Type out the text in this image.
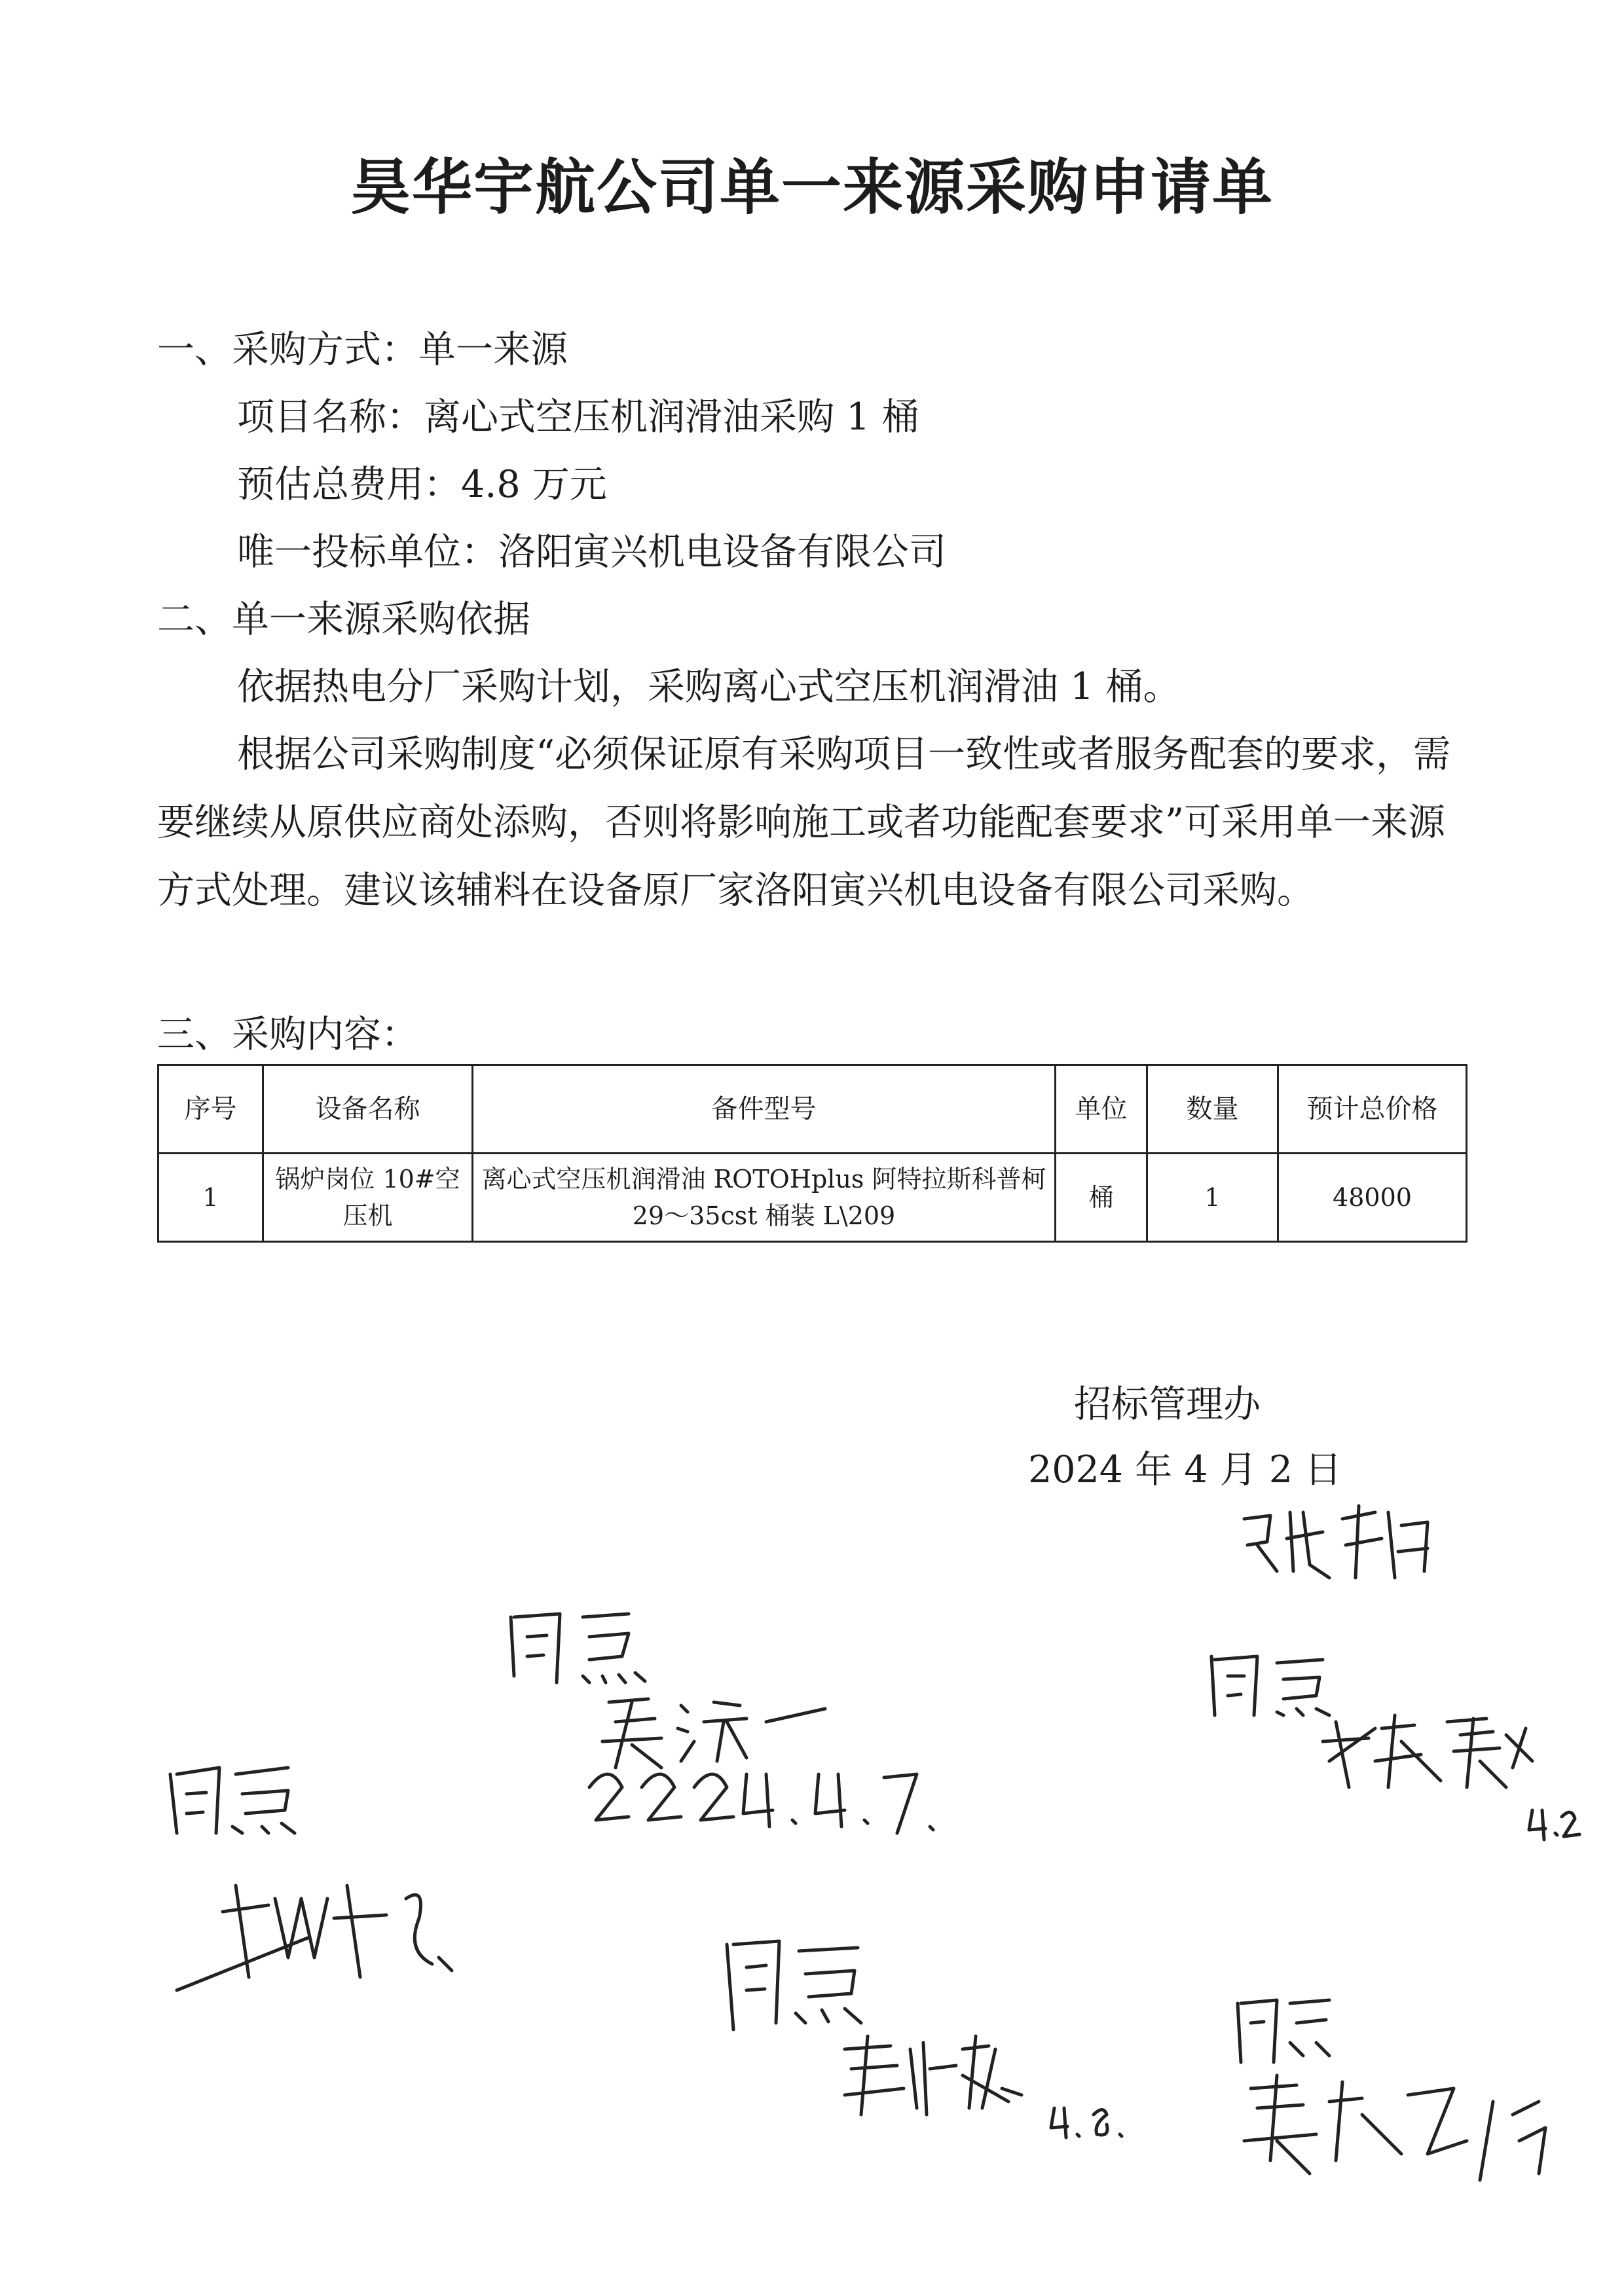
昊华宇航公司单一来源采购申请单
一、采购方式：单一来源
项目名称：离心式空压机润滑油采购 1 桶
预估总费用：4.8 万元
唯一投标单位：洛阳寅兴机电设备有限公司
二、单一来源采购依据
依据热电分厂采购计划，采购离心式空压机润滑油 1 桶。
根据公司采购制度“必须保证原有采购项目一致性或者服务配套的要求，需要继续从原供应商处添购，否则将影响施工或者功能配套要求”可采用单一来源方式处理。建议该辅料在设备原厂家洛阳寅兴机电设备有限公司采购。
三、采购内容：
序号	设备名称	备件型号	单位	数量	预计总价格
1	锅炉岗位 10#空压机	离心式空压机润滑油 ROTOHplus 阿特拉斯科普柯 29～35cst 桶装 L\209	桶	1	48000
招标管理办
2024 年 4 月 2 日
